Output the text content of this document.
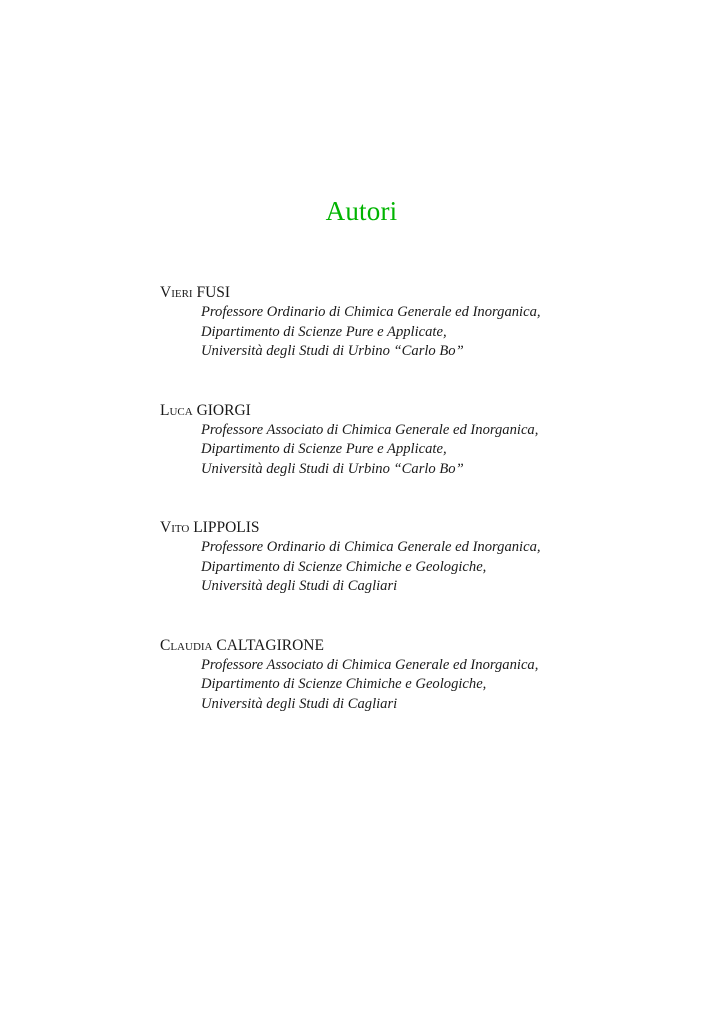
Autori
Vieri FUSI
Professore Ordinario di Chimica Generale ed Inorganica,
Dipartimento di Scienze Pure e Applicate,
Università degli Studi di Urbino “Carlo Bo”
Luca GIORGI
Professore Associato di Chimica Generale ed Inorganica,
Dipartimento di Scienze Pure e Applicate,
Università degli Studi di Urbino “Carlo Bo”
Vito LIPPOLIS
Professore Ordinario di Chimica Generale ed Inorganica,
Dipartimento di Scienze Chimiche e Geologiche,
Università degli Studi di Cagliari
Claudia CALTAGIRONE
Professore Associato di Chimica Generale ed Inorganica,
Dipartimento di Scienze Chimiche e Geologiche,
Università degli Studi di Cagliari
